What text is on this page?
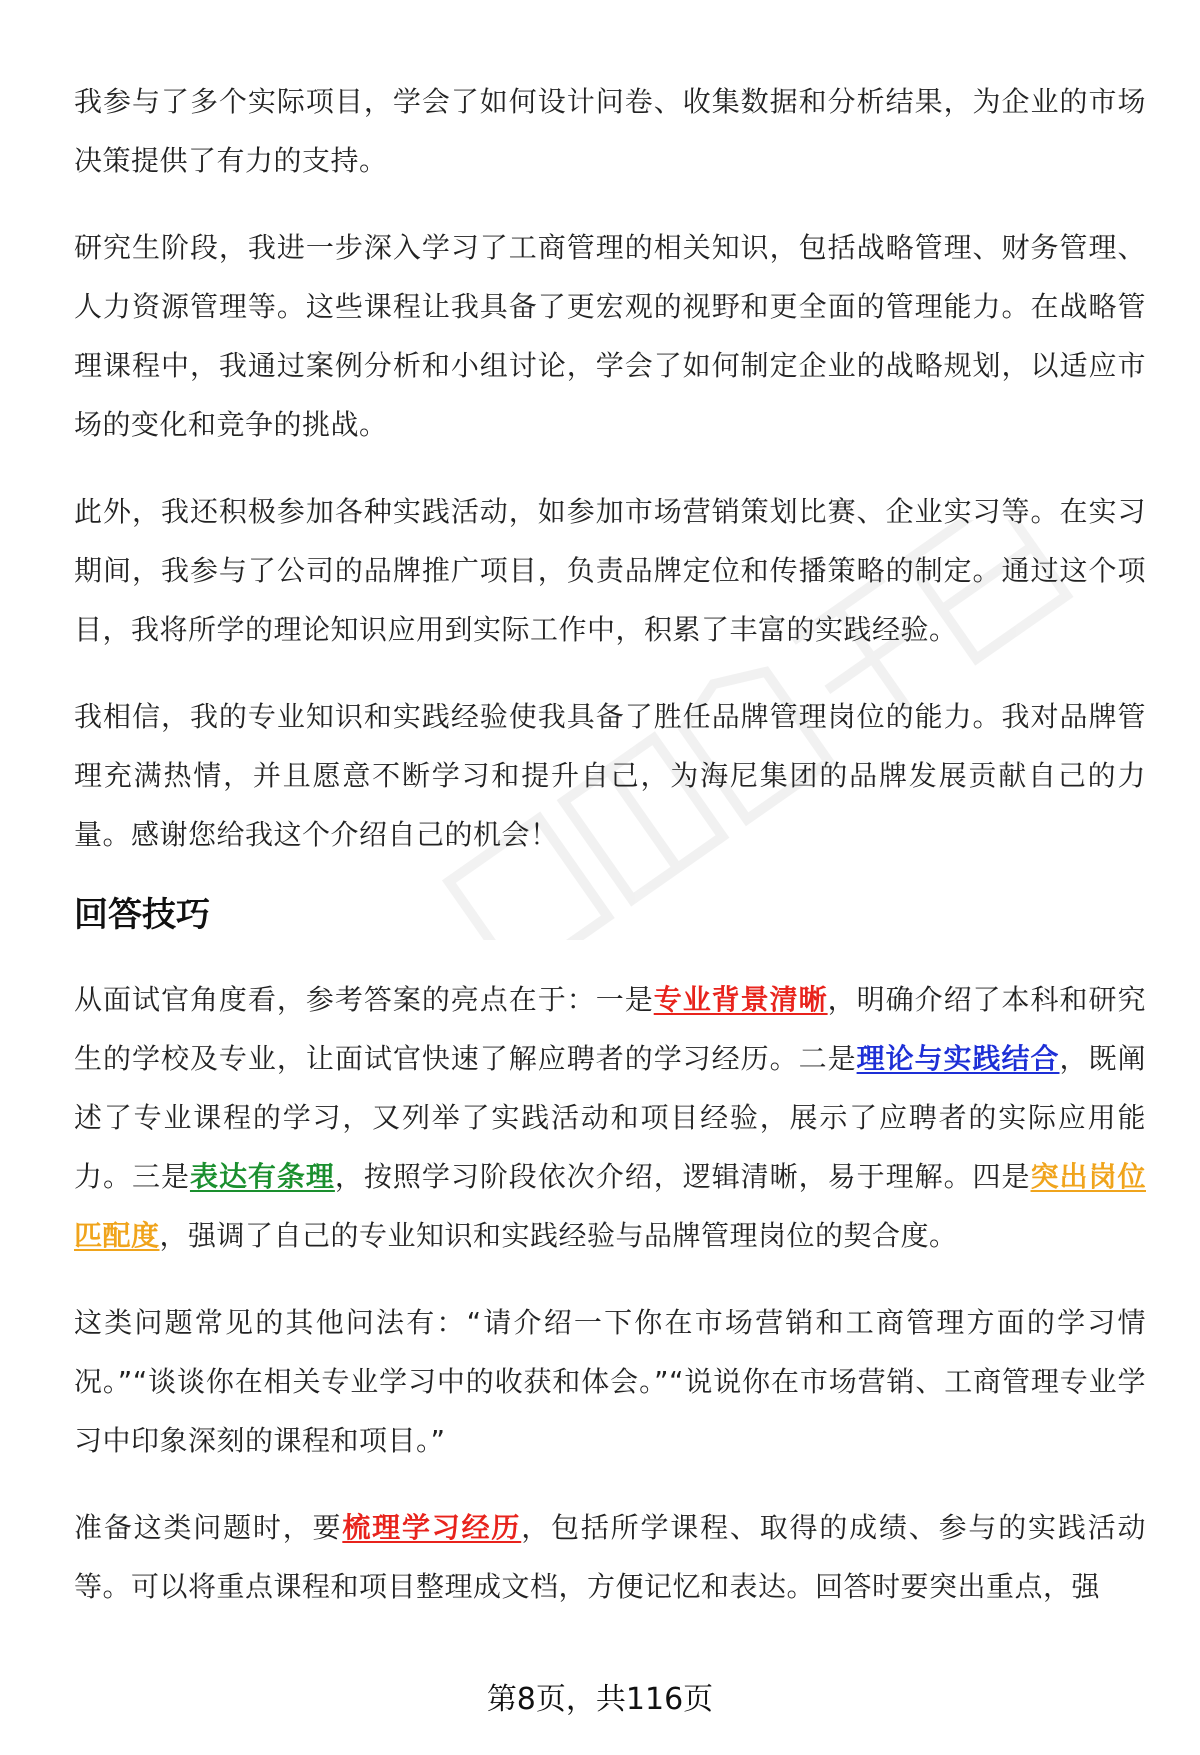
我参与了多个实际项目，学会了如何设计问卷、收集数据和分析结果，为企业的市场决策提供了有力的支持。

研究生阶段，我进一步深入学习了工商管理的相关知识，包括战略管理、财务管理、人力资源管理等。这些课程让我具备了更宏观的视野和更全面的管理能力。在战略管理课程中，我通过案例分析和小组讨论，学会了如何制定企业的战略规划，以适应市场的变化和竞争的挑战。

此外，我还积极参加各种实践活动，如参加市场营销策划比赛、企业实习等。在实习期间，我参与了公司的品牌推广项目，负责品牌定位和传播策略的制定。通过这个项目，我将所学的理论知识应用到实际工作中，积累了丰富的实践经验。

我相信，我的专业知识和实践经验使我具备了胜任品牌管理岗位的能力。我对品牌管理充满热情，并且愿意不断学习和提升自己，为海尼集团的品牌发展贡献自己的力量。感谢您给我这个介绍自己的机会！

回答技巧

从面试官角度看，参考答案的亮点在于：一是专业背景清晰，明确介绍了本科和研究生的学校及专业，让面试官快速了解应聘者的学习经历。二是理论与实践结合，既阐述了专业课程的学习，又列举了实践活动和项目经验，展示了应聘者的实际应用能力。三是表达有条理，按照学习阶段依次介绍，逻辑清晰，易于理解。四是突出岗位匹配度，强调了自己的专业知识和实践经验与品牌管理岗位的契合度。

这类问题常见的其他问法有：“请介绍一下你在市场营销和工商管理方面的学习情况。”“谈谈你在相关专业学习中的收获和体会。”“说说你在市场营销、工商管理专业学习中印象深刻的课程和项目。”

准备这类问题时，要梳理学习经历，包括所学课程、取得的成绩、参与的实践活动等。可以将重点课程和项目整理成文档，方便记忆和表达。回答时要突出重点，强

第8页，共116页
